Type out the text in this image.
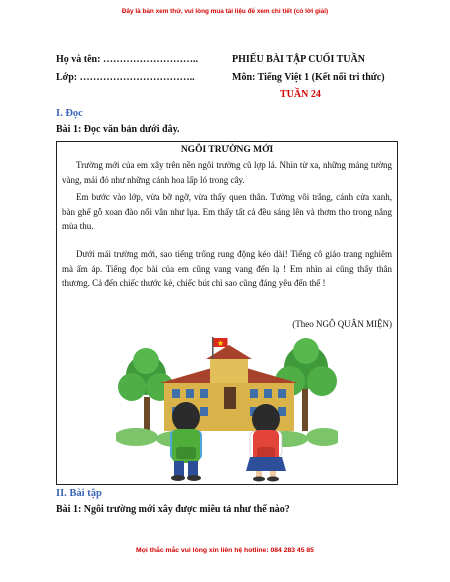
Đây là bản xem thử, vui lòng mua tài liệu để xem chi tiết (có lời giải)
Họ và tên: ………………………..	PHIẾU BÀI TẬP CUỐI TUẦN
Lớp: ……………………………..	Môn: Tiếng Việt 1 (Kết nối tri thức)
TUẦN 24
I. Đọc
Bài 1: Đọc văn bản dưới đây.
NGÔI TRƯỜNG MỚI
Trường mới của em xây trên nền ngôi trường cũ lợp lá. Nhìn từ xa, những mảng tường vàng, mái đỏ như những cánh hoa lấp ló trong cây.
Em bước vào lớp, vừa bỡ ngỡ, vừa thấy quen thân. Tường vôi trắng, cánh cửa xanh, bàn ghế gỗ xoan đào nổi vân như lụa. Em thấy tất cả đều sáng lên và thơm tho trong nắng mùa thu.
Dưới mái trường mới, sao tiếng trống rung động kéo dài! Tiếng cô giáo trang nghiêm mà ấm áp. Tiếng đọc bài của em cũng vang vang đến lạ ! Em nhìn ai cũng thấy thân thương. Cả đến chiếc thước kẻ, chiếc bút chì sao cũng đáng yêu đến thế !
(Theo NGÔ QUÂN MIỆN)
II. Bài tập
Bài 1: Ngôi trường mới xây được miêu tả như thế nào?
Mọi thắc mắc vui lòng xin liên hệ hotline: 084 283 45 85
